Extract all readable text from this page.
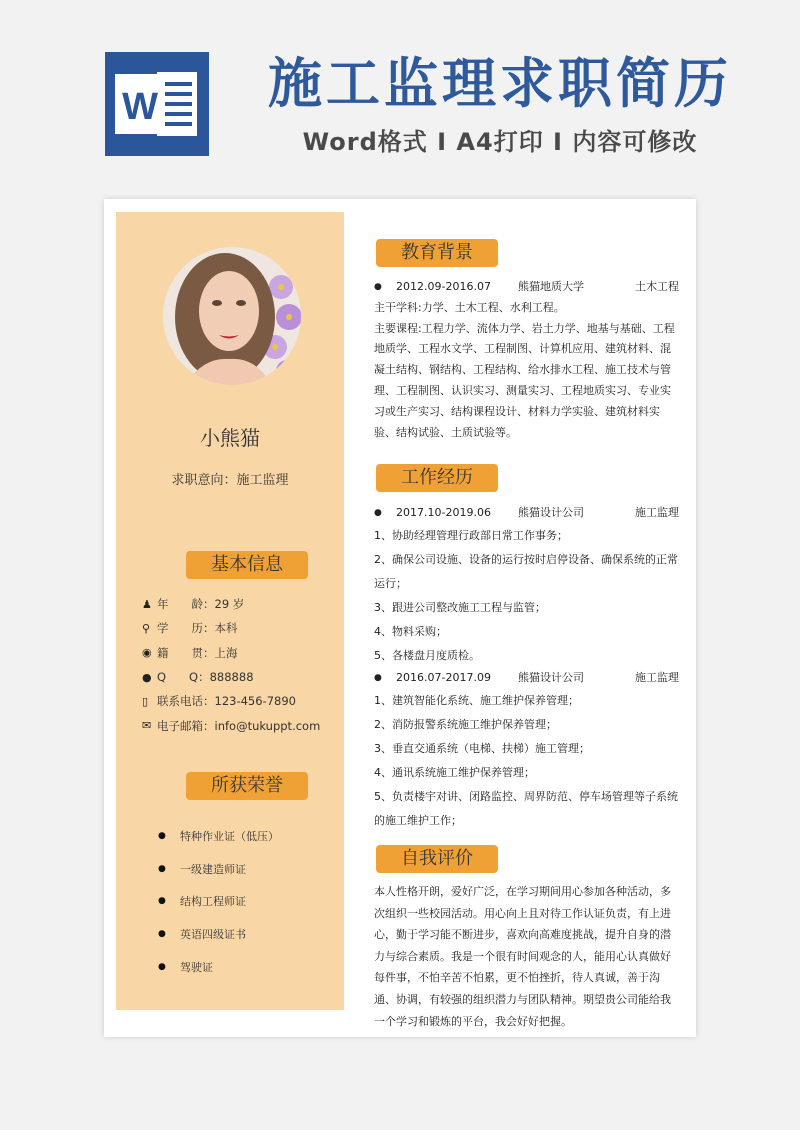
W	施工监理求职简历
Word格式 I A4打印 I 内容可修改
小熊猫
求职意向：施工监理
基本信息
♟ 年　　龄 ：29 岁
⚲ 学　　历 ：本科
◉ 籍　　贯 ：上海
● Q　　Q ：888888
▯ 联系电话 ：123-456-7890
✉ 电子邮箱 ：info@tukuppt.com
所获荣誉
●	特种作业证（低压）
●	一级建造师证
●	结构工程师证
●	英语四级证书
●	驾驶证
教育背景
●	2012.09-2016.07	熊猫地质大学	土木工程

主干学科:力学、土木工程、水利工程。

主要课程:工程力学、流体力学、岩土力学、地基与基础、工程地质学、工程水文学、工程制图、计算机应用、建筑材料、混凝土结构、钢结构、工程结构、给水排水工程、施工技术与管理、工程制图、认识实习、测量实习、工程地质实习、专业实习或生产实习、结构课程设计、材料力学实验、建筑材料实验、结构试验、土质试验等。

工作经历
●	2017.10-2019.06	熊猫设计公司	施工监理
1、协助经理管理行政部日常工作事务；
2、确保公司设施、设备的运行按时启停设备、确保系统的正常运行；
3、跟进公司整改施工工程与监管；
4、物料采购；
5、各楼盘月度质检。
●	2016.07-2017.09	熊猫设计公司	施工监理
1、建筑智能化系统、施工维护保养管理；
2、消防报警系统施工维护保养管理；
3、垂直交通系统（电梯、扶梯）施工管理；
4、通讯系统施工维护保养管理；
5、负责楼宇对讲、闭路监控、周界防范、停车场管理等子系统的施工维护工作；
自我评价

本人性格开朗，爱好广泛，在学习期间用心参加各种活动，多次组织一些校园活动。用心向上且对待工作认证负责，有上进心，勤于学习能不断进步，喜欢向高难度挑战，提升自身的潜力与综合素质。我是一个很有时间观念的人，能用心认真做好每件事，不怕辛苦不怕累，更不怕挫折，待人真诚，善于沟通、协调，有较强的组织潜力与团队精神。期望贵公司能给我一个学习和锻炼的平台，我会好好把握。
